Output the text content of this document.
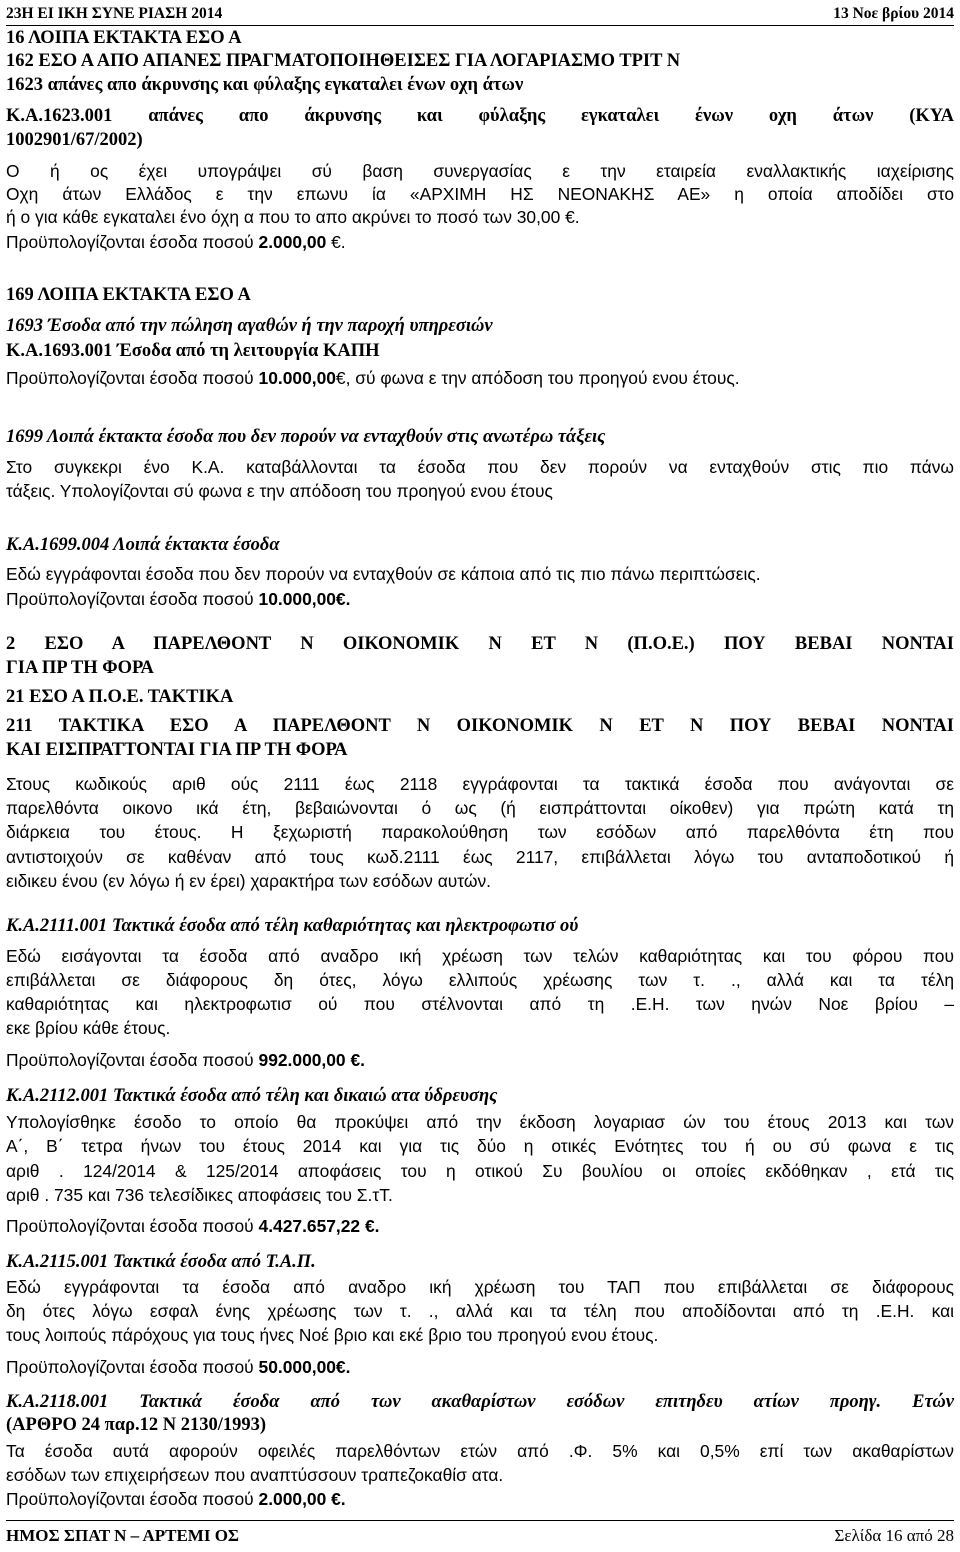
23Η ΕΙ ΙΚΗ ΣΥΝΕ ΡΙΑΣΗ 2014	13 Νοε βρίου 2014
16 ΛΟΙΠΑ ΕΚΤΑΚΤΑ ΕΣΟ Α
162 ΕΣΟ Α ΑΠΟ ΑΠΑΝΕΣ ΠΡΑΓΜΑΤΟΠΟΙΗΘΕΙΣΕΣ ΓΙΑ ΛΟΓΑΡΙΑΣΜΟ ΤΡΙΤ Ν
1623 απάνες απο άκρυνσης και φύλαξης εγκαταλει ένων οχη άτων
Κ.Α.1623.001 απάνες απο άκρυνσης και φύλαξης εγκαταλει ένων οχη άτων (ΚΥΑ
1002901/67/2002)
Ο ή ος έχει υπογράψει σύ βαση συνεργασίας ε την εταιρεία εναλλακτικής ιαχείρισης
Οχη άτων Ελλάδος ε την επωνυ ία «ΑΡΧΙΜΗ ΗΣ ΝΕΟΝΑΚΗΣ ΑΕ» η οποία αποδίδει στο
ή ο για κάθε εγκαταλει ένο όχη α που το απο ακρύνει το ποσό των 30,00 €.
Προϋπολογίζονται έσοδα ποσού 2.000,00 €.
169 ΛΟΙΠΑ ΕΚΤΑΚΤΑ ΕΣΟ Α
1693 Έσοδα από την πώληση αγαθών ή την παροχή υπηρεσιών
Κ.Α.1693.001 Έσοδα από τη λειτουργία ΚΑΠΗ
Προϋπολογίζονται έσοδα ποσού 10.000,00€, σύ φωνα ε την απόδοση του προηγού ενου έτους.
1699 Λοιπά έκτακτα έσοδα που δεν πορούν να ενταχθούν στις ανωτέρω τάξεις
Στο συγκεκρι ένο Κ.Α. καταβάλλονται τα έσοδα που δεν πορούν να ενταχθούν στις πιο πάνω
τάξεις. Υπολογίζονται σύ φωνα ε την απόδοση του προηγού ενου έτους
Κ.Α.1699.004 Λοιπά έκτακτα έσοδα
Εδώ εγγράφονται έσοδα που δεν πορούν να ενταχθούν σε κάποια από τις πιο πάνω περιπτώσεις.
Προϋπολογίζονται έσοδα ποσού 10.000,00€.
2 ΕΣΟ Α ΠΑΡΕΛΘΟΝΤ Ν ΟΙΚΟΝΟΜΙΚ Ν ΕΤ Ν (Π.Ο.Ε.) ΠΟΥ ΒΕΒΑΙ ΝΟΝΤΑΙ
ΓΙΑ ΠΡ ΤΗ ΦΟΡΑ
21 ΕΣΟ Α Π.Ο.Ε. ΤΑΚΤΙΚΑ
211 ΤΑΚΤΙΚΑ ΕΣΟ Α ΠΑΡΕΛΘΟΝΤ Ν ΟΙΚΟΝΟΜΙΚ Ν ΕΤ Ν ΠΟΥ ΒΕΒΑΙ ΝΟΝΤΑΙ
ΚΑΙ ΕΙΣΠΡΑΤΤΟΝΤΑΙ ΓΙΑ ΠΡ ΤΗ ΦΟΡΑ
Στους κωδικούς αριθ ούς 2111 έως 2118 εγγράφονται τα τακτικά έσοδα που ανάγονται σε
παρελθόντα οικονο ικά έτη, βεβαιώνονται ό ως (ή εισπράττονται οίκοθεν) για πρώτη κατά τη
διάρκεια του έτους. Η ξεχωριστή παρακολούθηση των εσόδων από παρελθόντα έτη που
αντιστοιχούν σε καθέναν από τους κωδ.2111 έως 2117, επιβάλλεται λόγω του ανταποδοτικού ή
ειδικευ ένου (εν λόγω ή εν έρει) χαρακτήρα των εσόδων αυτών.
Κ.Α.2111.001 Τακτικά έσοδα από τέλη καθαριότητας και ηλεκτροφωτισ ού
Εδώ εισάγονται τα έσοδα από αναδρο ική χρέωση των τελών καθαριότητας και του φόρου που
επιβάλλεται σε διάφορους δη ότες, λόγω ελλιπούς χρέωσης των τ. ., αλλά και τα τέλη
καθαριότητας και ηλεκτροφωτισ ού που στέλνονται από τη .Ε.Η. των ηνών Νοε βρίου –
εκε βρίου κάθε έτους.
Προϋπολογίζονται έσοδα ποσού 992.000,00 €.
Κ.Α.2112.001 Τακτικά έσοδα από τέλη και δικαιώ ατα ύδρευσης
Υπολογίσθηκε έσοδο το οποίο θα προκύψει από την έκδοση λογαριασ ών του έτους 2013 και των
Α΄, Β΄ τετρα ήνων του έτους 2014 και για τις δύο η οτικές Ενότητες του ή ου σύ φωνα ε τις
αριθ . 124/2014 & 125/2014 αποφάσεις του η οτικού Συ βουλίου οι οποίες εκδόθηκαν , ετά τις
αριθ . 735 και 736 τελεσίδικες αποφάσεις του Σ.τΤ.
Προϋπολογίζονται έσοδα ποσού 4.427.657,22 €.
Κ.Α.2115.001 Τακτικά έσοδα από Τ.Α.Π.
Εδώ εγγράφονται τα έσοδα από αναδρο ική χρέωση του ΤΑΠ που επιβάλλεται σε διάφορους
δη ότες λόγω εσφαλ ένης χρέωσης των τ. ., αλλά και τα τέλη που αποδίδονται από τη .Ε.Η. και
τους λοιπούς πάρόχους για τους ήνες Νοέ βριο και εκέ βριο του προηγού ενου έτους.
Προϋπολογίζονται έσοδα ποσού 50.000,00€.
Κ.Α.2118.001 Τακτικά έσοδα από των ακαθαρίστων εσόδων επιτηδευ ατίων προηγ. Ετών
(ΑΡΘΡΟ 24 παρ.12 Ν 2130/1993)
Τα έσοδα αυτά αφορούν οφειλές παρελθόντων ετών από .Φ. 5% και 0,5% επί των ακαθαρίστων
εσόδων των επιχειρήσεων που αναπτύσσουν τραπεζοκαθίσ ατα.
Προϋπολογίζονται έσοδα ποσού 2.000,00 €.
ΗΜΟΣ ΣΠΑΤ Ν – ΑΡΤΕΜΙ ΟΣ	Σελίδα 16 από 28
